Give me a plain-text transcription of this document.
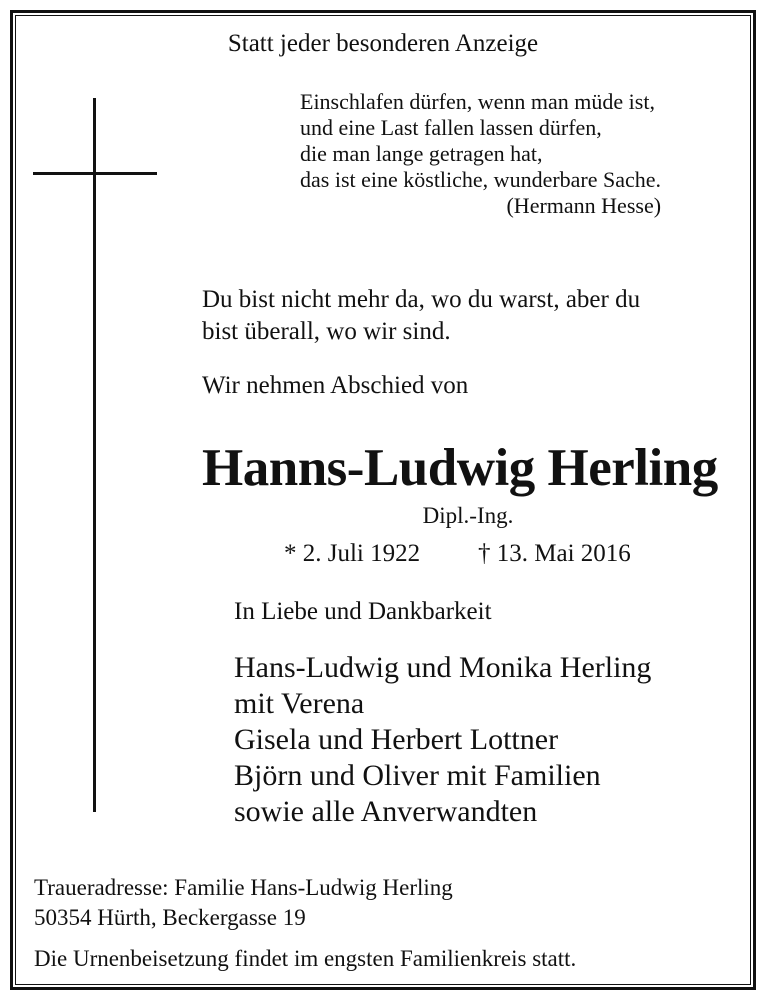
Statt jeder besonderen Anzeige
Einschlafen dürfen, wenn man müde ist,
und eine Last fallen lassen dürfen,
die man lange getragen hat,
das ist eine köstliche, wunderbare Sache.
(Hermann Hesse)
Du bist nicht mehr da, wo du warst, aber du
bist überall, wo wir sind.
Wir nehmen Abschied von
Hanns-Ludwig Herling
Dipl.-Ing.
* 2. Juli 1922 † 13. Mai 2016
In Liebe und Dankbarkeit
Hans-Ludwig und Monika Herling
mit Verena
Gisela und Herbert Lottner
Björn und Oliver mit Familien
sowie alle Anverwandten
Traueradresse: Familie Hans-Ludwig Herling
50354 Hürth, Beckergasse 19
Die Urnenbeisetzung findet im engsten Familienkreis statt.
